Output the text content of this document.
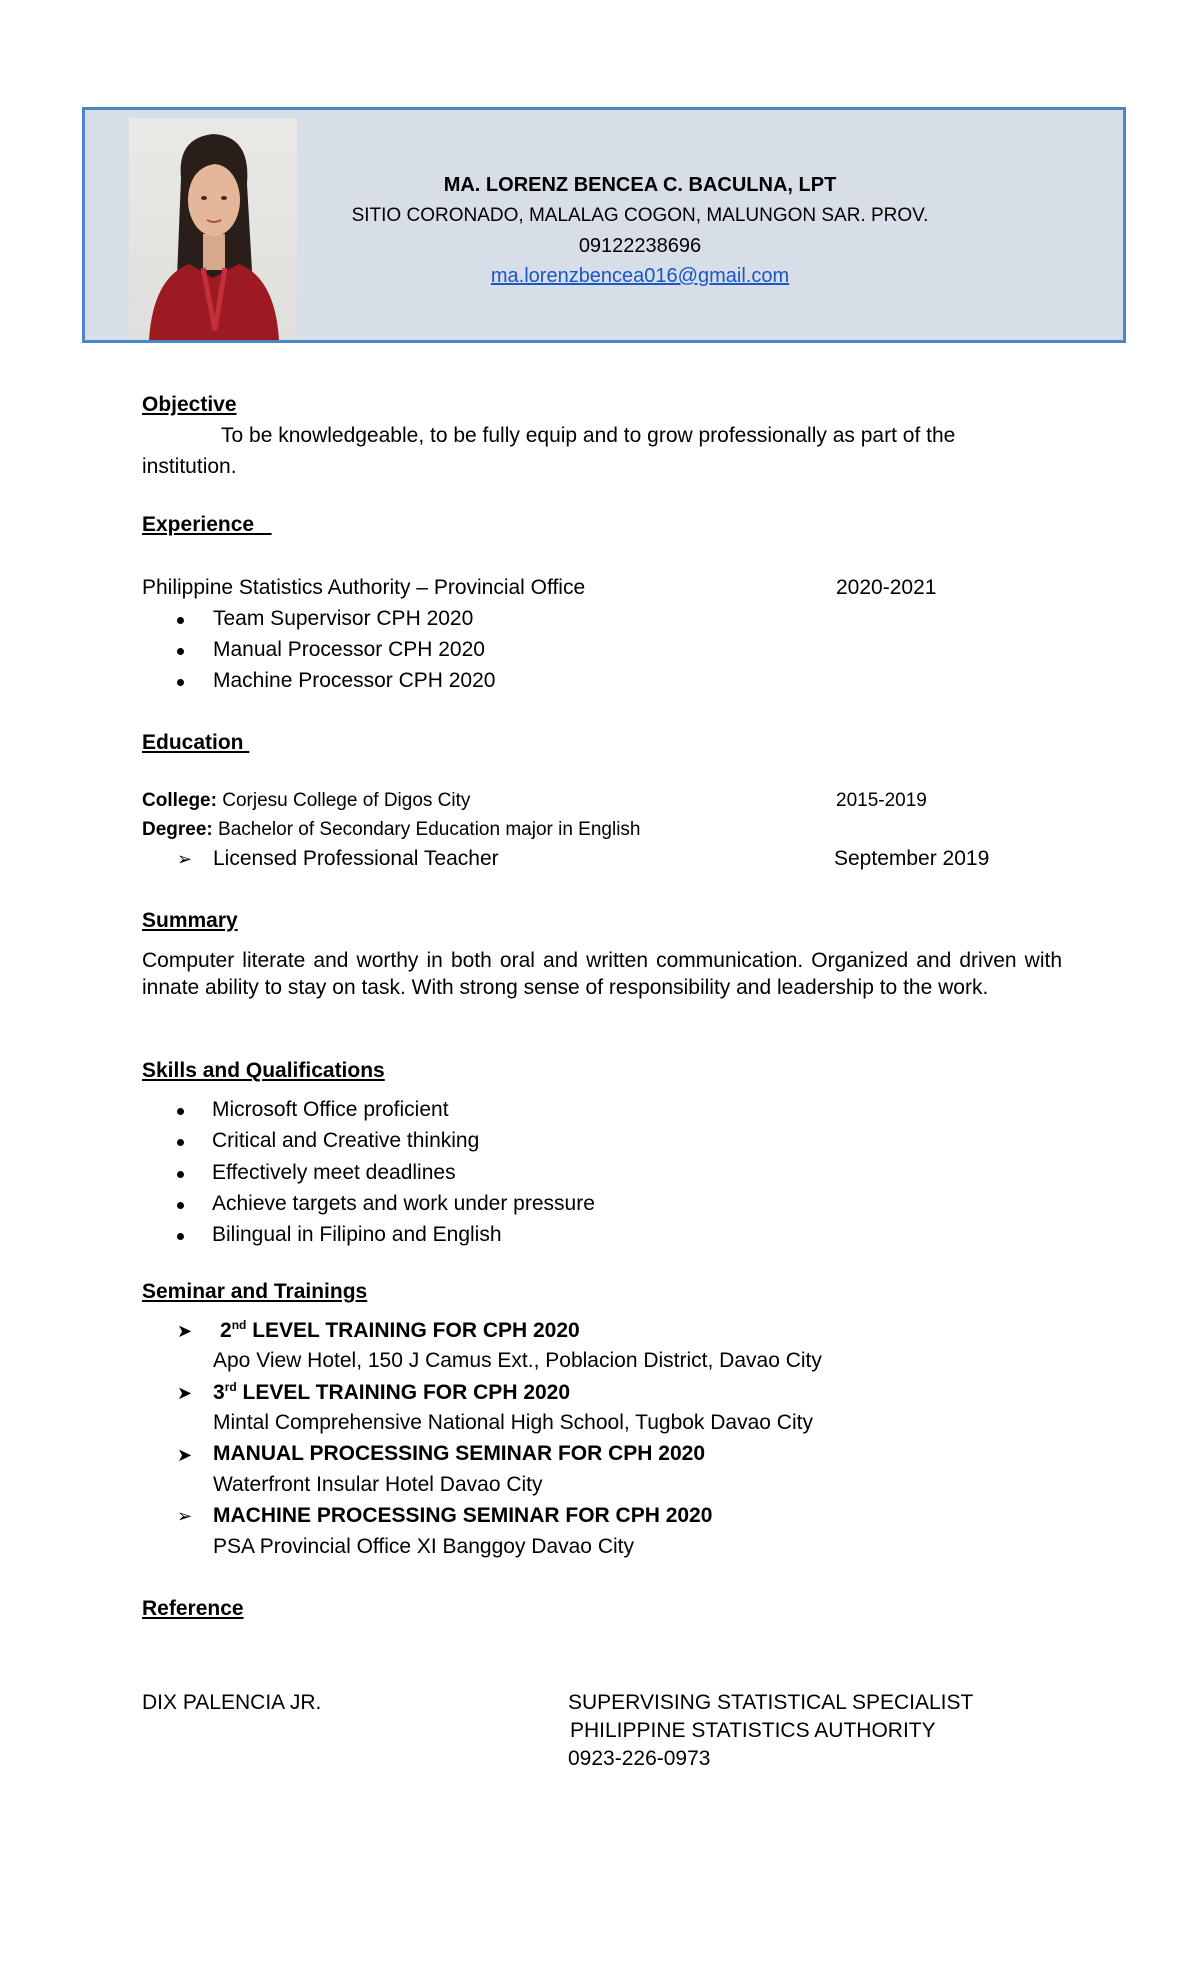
MA. LORENZ BENCEA C. BACULNA, LPT
SITIO CORONADO, MALALAG COGON, MALUNGON SAR. PROV.
09122238696
ma.lorenzbencea016@gmail.com
Objective
To be knowledgeable, to be fully equip and to grow professionally as part of the
institution.
Experience
Philippine Statistics Authority – Provincial Office	2020-2021
Team Supervisor CPH 2020
Manual Processor CPH 2020
Machine Processor CPH 2020
Education
College: Corjesu College of Digos City	2015-2019
Degree: Bachelor of Secondary Education major in English
➢ Licensed Professional Teacher	September 2019
Summary
Computer literate and worthy in both oral and written communication. Organized and driven with innate ability to stay on task. With strong sense of responsibility and leadership to the work.
Skills and Qualifications
Microsoft Office proficient
Critical and Creative thinking
Effectively meet deadlines
Achieve targets and work under pressure
Bilingual in Filipino and English
Seminar and Trainings
➤ 2nd LEVEL TRAINING FOR CPH 2020
Apo View Hotel, 150 J Camus Ext., Poblacion District, Davao City
➤ 3rd LEVEL TRAINING FOR CPH 2020
Mintal Comprehensive National High School, Tugbok Davao City
➤ MANUAL PROCESSING SEMINAR FOR CPH 2020
Waterfront Insular Hotel Davao City
➢ MACHINE PROCESSING SEMINAR FOR CPH 2020
PSA Provincial Office XI Banggoy Davao City
Reference
DIX PALENCIA JR.	SUPERVISING STATISTICAL SPECIALIST
PHILIPPINE STATISTICS AUTHORITY
0923-226-0973
